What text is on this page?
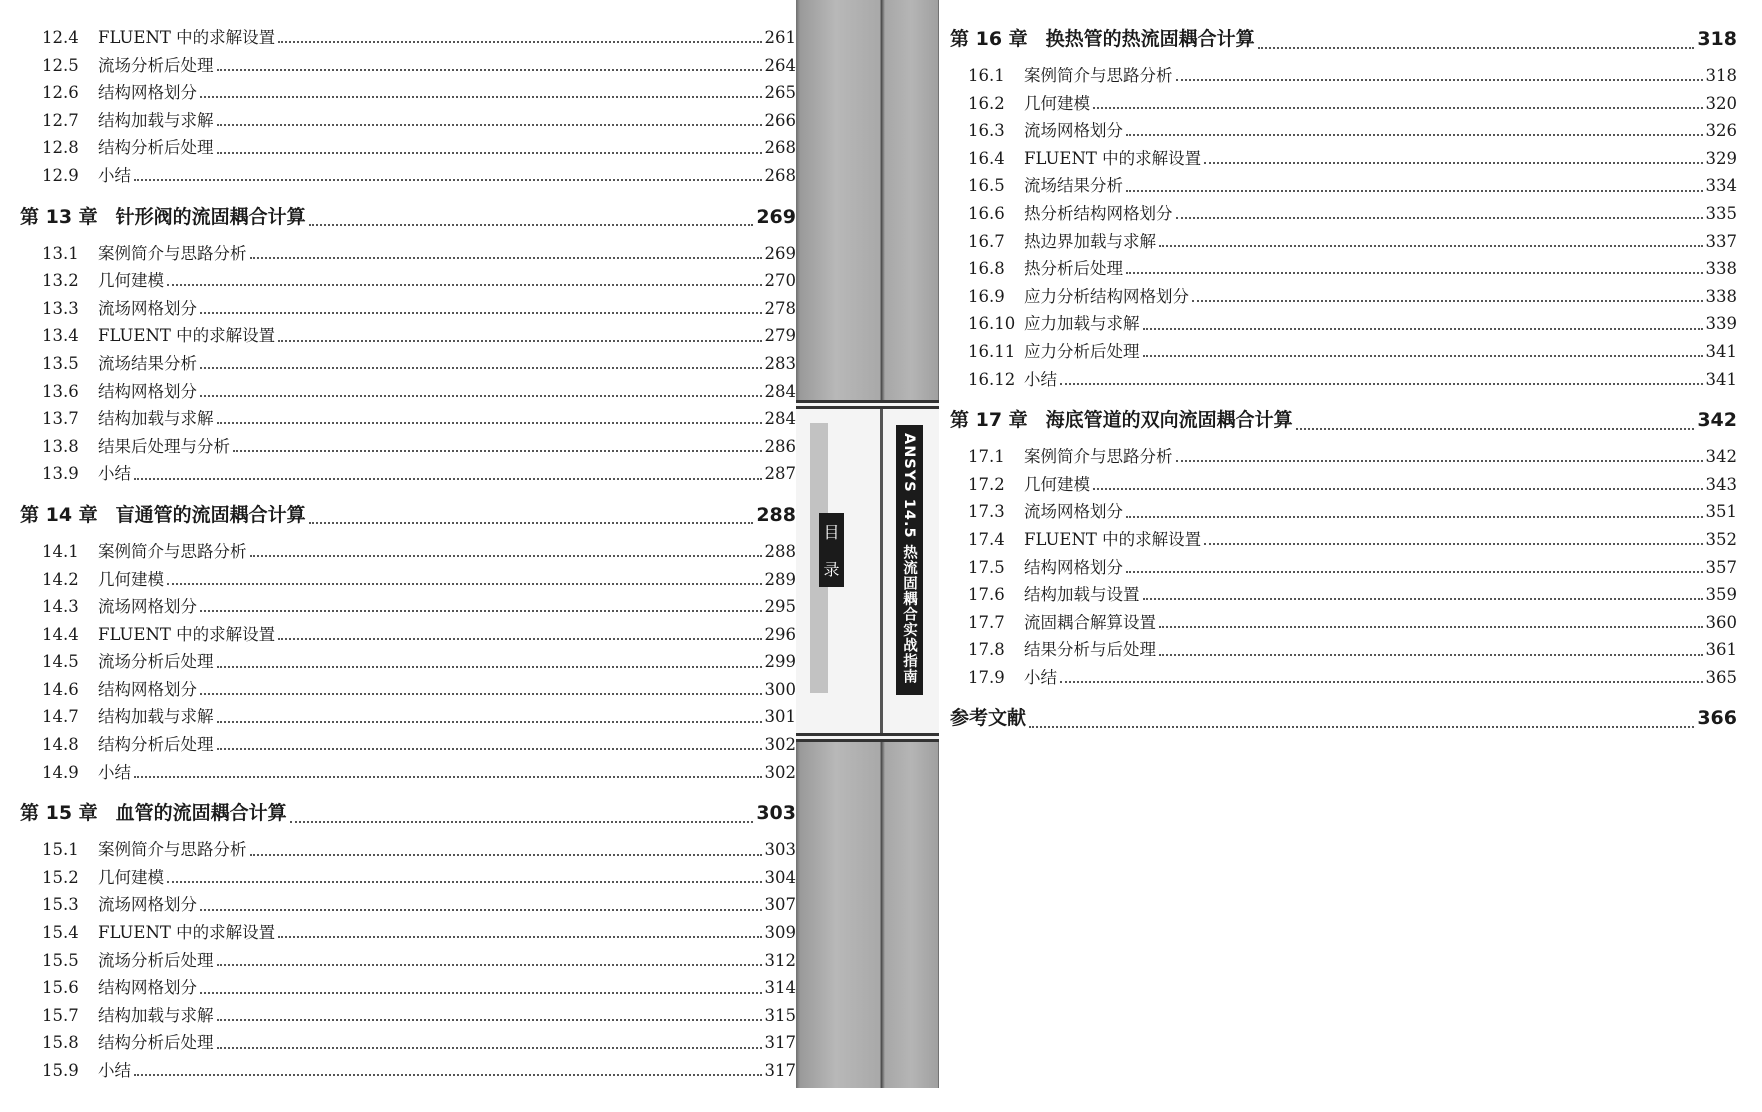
12.4	FLUENT 中的求解设置	261
12.5	流场分析后处理	264
12.6	结构网格划分	265
12.7	结构加载与求解	266
12.8	结构分析后处理	268
12.9	小结	268
第 13 章 针形阀的流固耦合计算	269
13.1	案例简介与思路分析	269
13.2	几何建模	270
13.3	流场网格划分	278
13.4	FLUENT 中的求解设置	279
13.5	流场结果分析	283
13.6	结构网格划分	284
13.7	结构加载与求解	284
13.8	结果后处理与分析	286
13.9	小结	287
第 14 章 盲通管的流固耦合计算	288
14.1	案例简介与思路分析	288
14.2	几何建模	289
14.3	流场网格划分	295
14.4	FLUENT 中的求解设置	296
14.5	流场分析后处理	299
14.6	结构网格划分	300
14.7	结构加载与求解	301
14.8	结构分析后处理	302
14.9	小结	302
第 15 章 血管的流固耦合计算	303
15.1	案例简介与思路分析	303
15.2	几何建模	304
15.3	流场网格划分	307
15.4	FLUENT 中的求解设置	309
15.5	流场分析后处理	312
15.6	结构网格划分	314
15.7	结构加载与求解	315
15.8	结构分析后处理	317
15.9	小结	317
第 16 章 换热管的热流固耦合计算	318
16.1	案例简介与思路分析	318
16.2	几何建模	320
16.3	流场网格划分	326
16.4	FLUENT 中的求解设置	329
16.5	流场结果分析	334
16.6	热分析结构网格划分	335
16.7	热边界加载与求解	337
16.8	热分析后处理	338
16.9	应力分析结构网格划分	338
16.10 应力加载与求解	339
16.11 应力分析后处理	341
16.12 小结	341
第 17 章 海底管道的双向流固耦合计算	342
17.1	案例简介与思路分析	342
17.2	几何建模	343
17.3	流场网格划分	351
17.4	FLUENT 中的求解设置	352
17.5	结构网格划分	357
17.6	结构加载与设置	359
17.7	流固耦合解算设置	360
17.8	结果分析与后处理	361
17.9	小结	365
参考文献	366
目
录	ANSYS 14.5 热流固耦合实战指南
